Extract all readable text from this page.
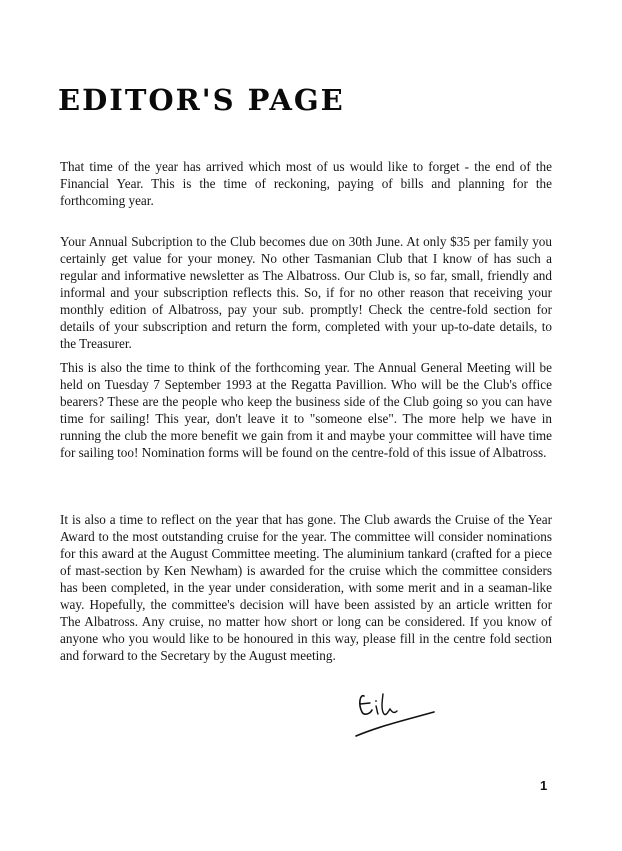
EDITOR'S PAGE

That time of the year has arrived which most of us would like to forget - the end of the Financial Year. This is the time of reckoning, paying of bills and planning for the forthcoming year.

Your Annual Subcription to the Club becomes due on 30th June. At only $35 per family you certainly get value for your money. No other Tasmanian Club that I know of has such a regular and informative newsletter as The Albatross. Our Club is, so far, small, friendly and informal and your subscription reflects this. So, if for no other reason that receiving your monthly edition of Albatross, pay your sub. promptly! Check the centre-fold section for details of your subscription and return the form, completed with your up-to-date details, to the Treasurer.

This is also the time to think of the forthcoming year. The Annual General Meeting will be held on Tuesday 7 September 1993 at the Regatta Pavillion. Who will be the Club's office bearers? These are the people who keep the business side of the Club going so you can have time for sailing! This year, don't leave it to "someone else". The more help we have in running the club the more benefit we gain from it and maybe your committee will have time for sailing too! Nomination forms will be found on the centre-fold of this issue of Albatross.

It is also a time to reflect on the year that has gone. The Club awards the Cruise of the Year Award to the most outstanding cruise for the year. The committee will consider nominations for this award at the August Committee meeting. The aluminium tankard (crafted for a piece of mast-section by Ken Newham) is awarded for the cruise which the committee considers has been completed, in the year under consideration, with some merit and in a seaman-like way. Hopefully, the committee's decision will have been assisted by an article written for The Albatross. Any cruise, no matter how short or long can be considered. If you know of anyone who you would like to be honoured in this way, please fill in the centre fold section and forward to the Secretary by the August meeting.

1
